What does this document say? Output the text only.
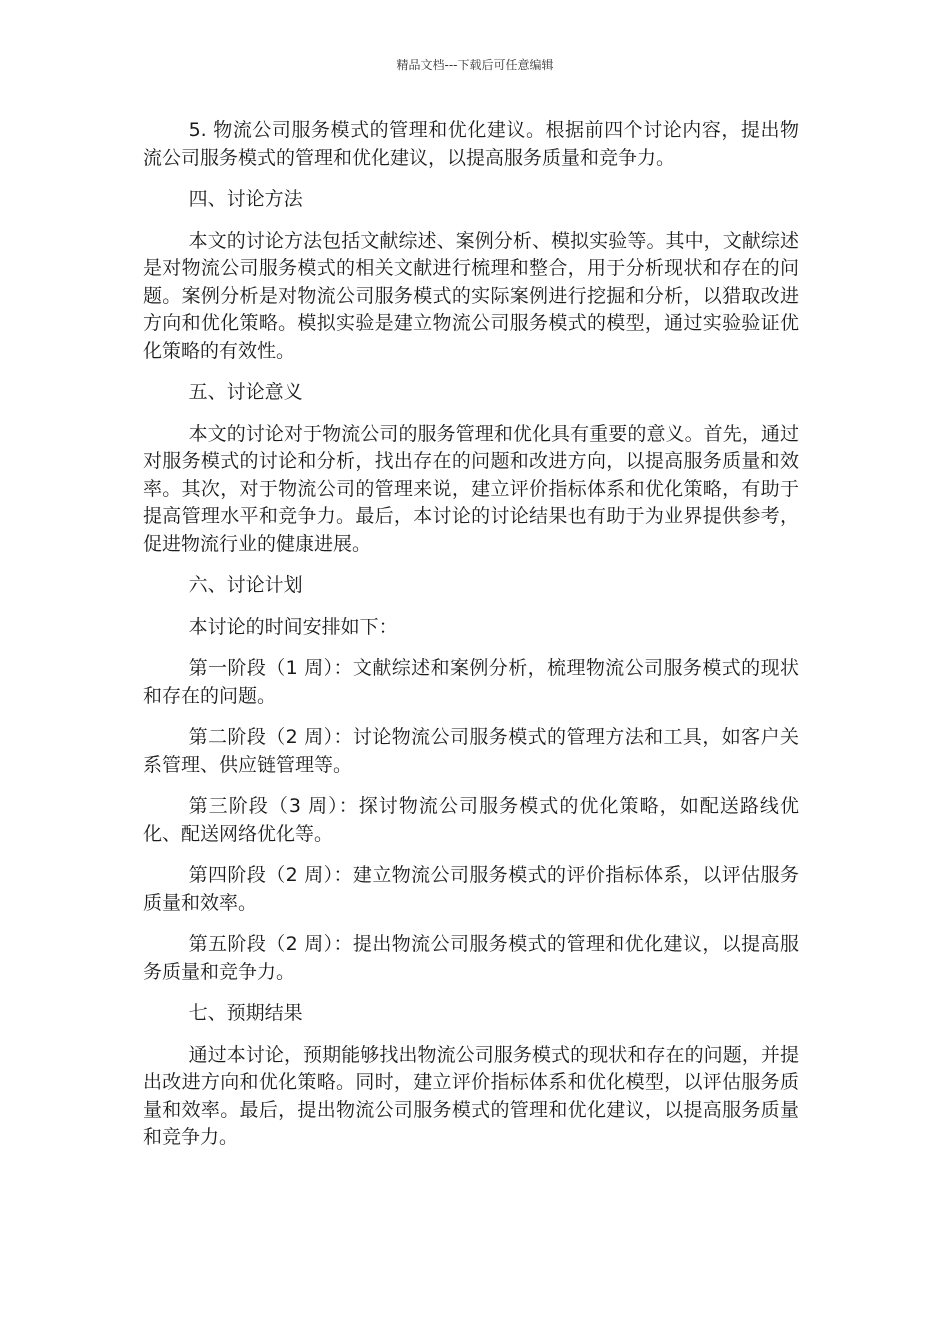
精品文档---下载后可任意编辑

5. 物流公司服务模式的管理和优化建议。根据前四个讨论内容，提出物流公司服务模式的管理和优化建议，以提高服务质量和竞争力。

四、讨论方法

本文的讨论方法包括文献综述、案例分析、模拟实验等。其中，文献综述是对物流公司服务模式的相关文献进行梳理和整合，用于分析现状和存在的问题。案例分析是对物流公司服务模式的实际案例进行挖掘和分析，以猎取改进方向和优化策略。模拟实验是建立物流公司服务模式的模型，通过实验验证优化策略的有效性。

五、讨论意义

本文的讨论对于物流公司的服务管理和优化具有重要的意义。首先，通过对服务模式的讨论和分析，找出存在的问题和改进方向，以提高服务质量和效率。其次，对于物流公司的管理来说，建立评价指标体系和优化策略，有助于提高管理水平和竞争力。最后，本讨论的讨论结果也有助于为业界提供参考，促进物流行业的健康进展。

六、讨论计划

本讨论的时间安排如下：

第一阶段（1 周）：文献综述和案例分析，梳理物流公司服务模式的现状和存在的问题。

第二阶段（2 周）：讨论物流公司服务模式的管理方法和工具，如客户关系管理、供应链管理等。

第三阶段（3 周）：探讨物流公司服务模式的优化策略，如配送路线优化、配送网络优化等。

第四阶段（2 周）：建立物流公司服务模式的评价指标体系，以评估服务质量和效率。

第五阶段（2 周）：提出物流公司服务模式的管理和优化建议，以提高服务质量和竞争力。

七、预期结果

通过本讨论，预期能够找出物流公司服务模式的现状和存在的问题，并提出改进方向和优化策略。同时，建立评价指标体系和优化模型，以评估服务质量和效率。最后，提出物流公司服务模式的管理和优化建议，以提高服务质量和竞争力。
